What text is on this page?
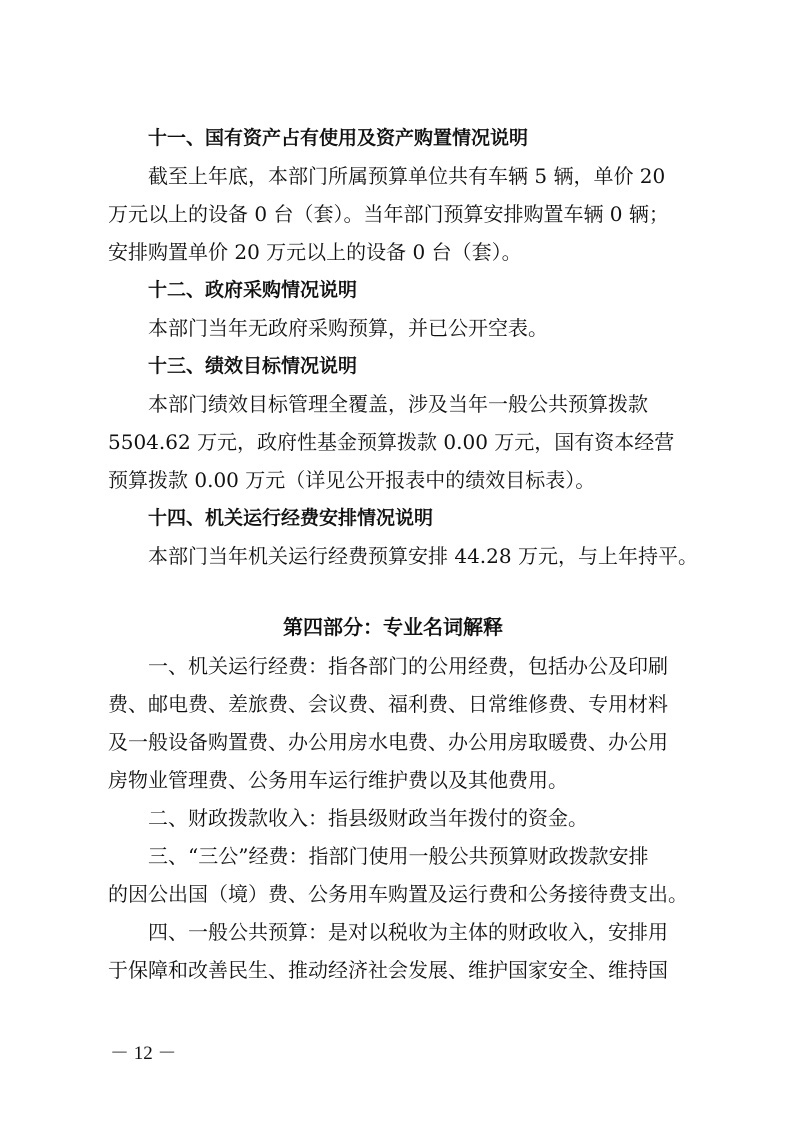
十一、国有资产占有使用及资产购置情况说明
截至上年底，本部门所属预算单位共有车辆 5 辆，单价 20
万元以上的设备 0 台（套）。当年部门预算安排购置车辆 0 辆；
安排购置单价 20 万元以上的设备 0 台（套）。
十二、政府采购情况说明
本部门当年无政府采购预算，并已公开空表。
十三、绩效目标情况说明
本部门绩效目标管理全覆盖，涉及当年一般公共预算拨款
5504.62 万元，政府性基金预算拨款 0.00 万元，国有资本经营
预算拨款 0.00 万元（详见公开报表中的绩效目标表）。
十四、机关运行经费安排情况说明
本部门当年机关运行经费预算安排 44.28 万元，与上年持平。
第四部分：专业名词解释
一、机关运行经费：指各部门的公用经费，包括办公及印刷
费、邮电费、差旅费、会议费、福利费、日常维修费、专用材料
及一般设备购置费、办公用房水电费、办公用房取暖费、办公用
房物业管理费、公务用车运行维护费以及其他费用。
二、财政拨款收入：指县级财政当年拨付的资金。
三、“三公”经费：指部门使用一般公共预算财政拨款安排
的因公出国（境）费、公务用车购置及运行费和公务接待费支出。
四、一般公共预算：是对以税收为主体的财政收入，安排用
于保障和改善民生、推动经济社会发展、维护国家安全、维持国
－ 12 －
